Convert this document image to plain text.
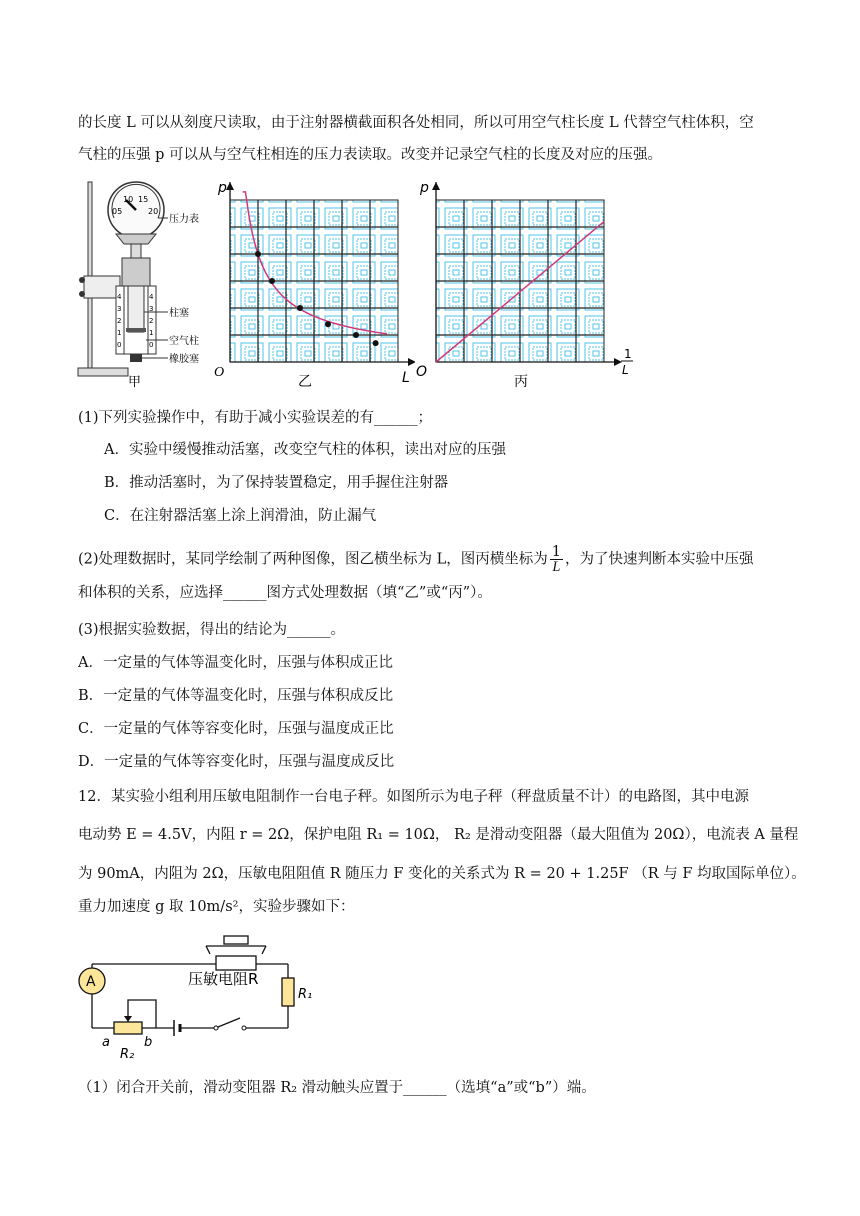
的长度 L 可以从刻度尺读取，由于注射器横截面积各处相同，所以可用空气柱长度 L 代替空气柱体积，空
气柱的压强 p 可以从与空气柱相连的压力表读取。改变并记录空气柱的长度及对应的压强。
05
10 15
20
4
3
2
1
0
4
3
2
1
0
压力表
柱塞
空气柱
橡胶塞
甲
O
p
L
乙
O
p
1
L
丙
(1)下列实验操作中，有助于减小实验误差的有______；
A．实验中缓慢推动活塞，改变空气柱的体积，读出对应的压强
B．推动活塞时，为了保持装置稳定，用手握住注射器
C．在注射器活塞上涂上润滑油，防止漏气
(2)处理数据时，某同学绘制了两种图像，图乙横坐标为 L，图丙横坐标为 $\frac{1}{L}$ ，为了快速判断本实验中压强
和体积的关系，应选择______图方式处理数据（填“乙”或“丙”）。
(3)根据实验数据，得出的结论为______。
A．一定量的气体等温变化时，压强与体积成正比
B．一定量的气体等温变化时，压强与体积成反比
C．一定量的气体等容变化时，压强与温度成正比
D．一定量的气体等容变化时，压强与温度成反比
12．某实验小组利用压敏电阻制作一台电子秤。如图所示为电子秤（秤盘质量不计）的电路图，其中电源
电动势 E = 4.5V，内阻 r = 2Ω，保护电阻 R₁ = 10Ω， R₂ 是滑动变阻器（最大阻值为 20Ω），电流表 A 量程
为 90mA，内阻为 2Ω，压敏电阻阻值 R 随压力 F 变化的关系式为 R = 20 + 1.25F （R 与 F 均取国际单位）。
重力加速度 g 取 10m/s²，实验步骤如下：
压敏电阻R
A
R₁
a	b
R₂
（1）闭合开关前，滑动变阻器 R₂ 滑动触头应置于______（选填“a”或“b”）端。
